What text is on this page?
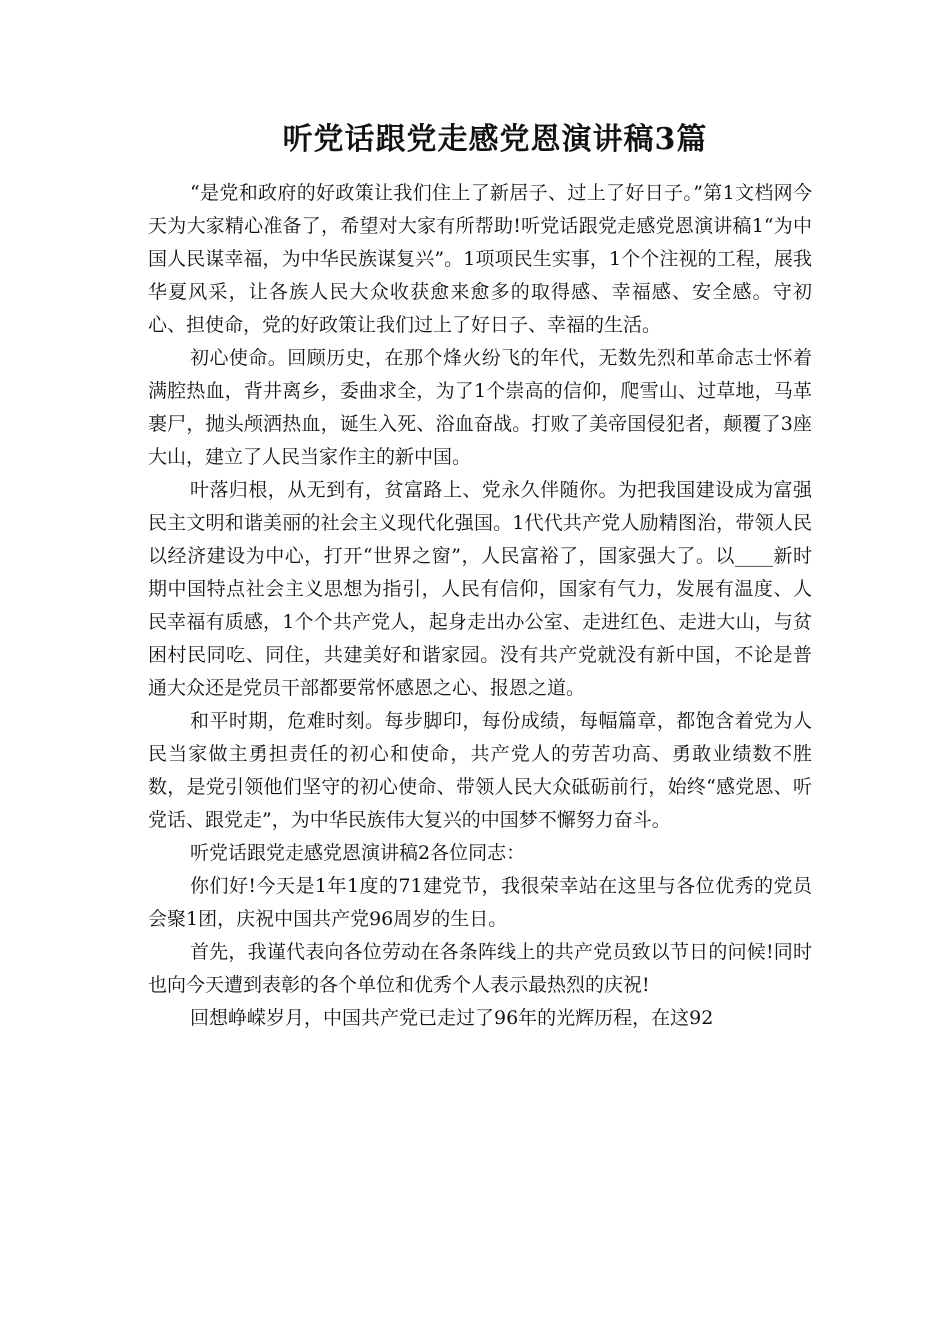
听党话跟党走感党恩演讲稿3篇

“是党和政府的好政策让我们住上了新居子、过上了好日子。”第1文档网今天为大家精心准备了，希望对大家有所帮助!听党话跟党走感党恩演讲稿1“为中国人民谋幸福，为中华民族谋复兴”。1项项民生实事，1个个注视的工程，展我华夏风采，让各族人民大众收获愈来愈多的取得感、幸福感、安全感。守初心、担使命，党的好政策让我们过上了好日子、幸福的生活。

初心使命。回顾历史，在那个烽火纷飞的年代，无数先烈和革命志士怀着满腔热血，背井离乡，委曲求全，为了1个崇高的信仰，爬雪山、过草地，马革裹尸，抛头颅洒热血，诞生入死、浴血奋战。打败了美帝国侵犯者，颠覆了3座大山，建立了人民当家作主的新中国。

叶落归根，从无到有，贫富路上、党永久伴随你。为把我国建设成为富强民主文明和谐美丽的社会主义现代化强国。1代代共产党人励精图治，带领人民以经济建设为中心，打开“世界之窗”，人民富裕了，国家强大了。以____新时期中国特点社会主义思想为指引，人民有信仰，国家有气力，发展有温度、人民幸福有质感，1个个共产党人，起身走出办公室、走进红色、走进大山，与贫困村民同吃、同住，共建美好和谐家园。没有共产党就没有新中国，不论是普通大众还是党员干部都要常怀感恩之心、报恩之道。

和平时期，危难时刻。每步脚印，每份成绩，每幅篇章，都饱含着党为人民当家做主勇担责任的初心和使命，共产党人的劳苦功高、勇敢业绩数不胜数，是党引领他们坚守的初心使命、带领人民大众砥砺前行，始终“感党恩、听党话、跟党走”，为中华民族伟大复兴的中国梦不懈努力奋斗。

听党话跟党走感党恩演讲稿2各位同志：

你们好!今天是1年1度的71建党节，我很荣幸站在这里与各位优秀的党员会聚1团，庆祝中国共产党96周岁的生日。

首先，我谨代表向各位劳动在各条阵线上的共产党员致以节日的问候!同时也向今天遭到表彰的各个单位和优秀个人表示最热烈的庆祝!

回想峥嵘岁月，中国共产党已走过了96年的光辉历程，在这92
